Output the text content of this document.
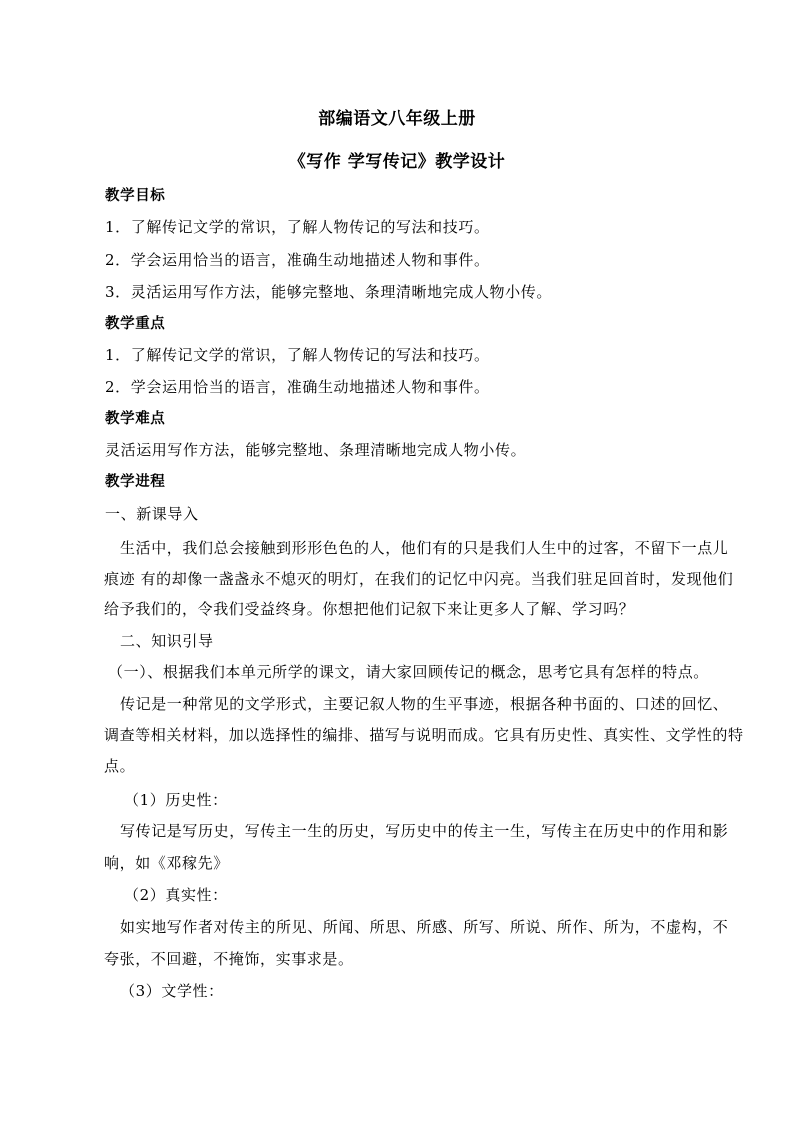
部编语文八年级上册
《写作 学写传记》教学设计
教学目标
1．了解传记文学的常识，了解人物传记的写法和技巧。
2．学会运用恰当的语言，准确生动地描述人物和事件。
3．灵活运用写作方法，能够完整地、条理清晰地完成人物小传。
教学重点
1．了解传记文学的常识，了解人物传记的写法和技巧。
2．学会运用恰当的语言，准确生动地描述人物和事件。
教学难点
灵活运用写作方法，能够完整地、条理清晰地完成人物小传。
教学进程
一、新课导入
生活中，我们总会接触到形形色色的人，他们有的只是我们人生中的过客，不留下一点儿
痕迹 有的却像一盏盏永不熄灭的明灯，在我们的记忆中闪亮。当我们驻足回首时，发现他们
给予我们的，令我们受益终身。你想把他们记叙下来让更多人了解、学习吗？
二、知识引导
（一）、根据我们本单元所学的课文，请大家回顾传记的概念，思考它具有怎样的特点。
传记是一种常见的文学形式，主要记叙人物的生平事迹，根据各种书面的、口述的回忆、
调查等相关材料，加以选择性的编排、描写与说明而成。它具有历史性、真实性、文学性的特
点。
（1）历史性：
写传记是写历史，写传主一生的历史，写历史中的传主一生，写传主在历史中的作用和影
响，如《邓稼先》
（2）真实性：
如实地写作者对传主的所见、所闻、所思、所感、所写、所说、所作、所为，不虚构，不
夸张，不回避，不掩饰，实事求是。
（3）文学性：
